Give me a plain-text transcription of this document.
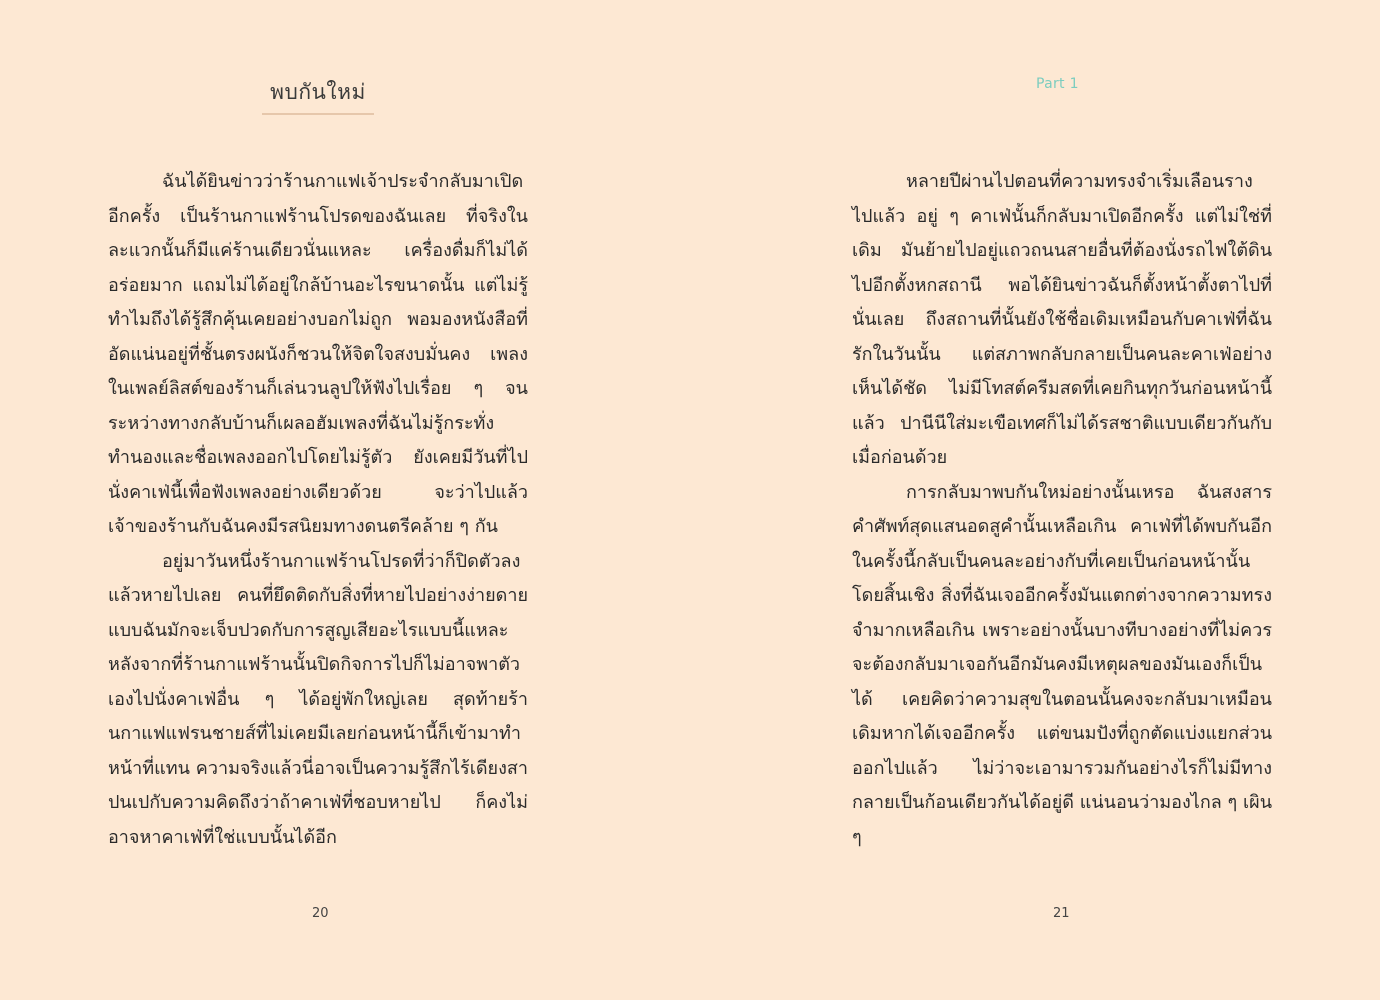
พบกันใหม่

ฉันได้ยินข่าวว่าร้านกาแฟเจ้าประจำกลับมาเปิดอีกครั้ง เป็นร้านกาแฟร้านโปรดของฉันเลย ที่จริงในละแวกนั้นก็มีแค่ร้านเดียวนั่นแหละ เครื่องดื่มก็ไม่ได้อร่อยมาก แถมไม่ได้อยู่ใกล้บ้านอะไรขนาดนั้น แต่ไม่รู้ทำไมถึงได้รู้สึกคุ้นเคยอย่างบอกไม่ถูก พอมองหนังสือที่อัดแน่นอยู่ที่ชั้นตรงผนังก็ชวนให้จิตใจสงบมั่นคง เพลงในเพลย์ลิสต์ของร้านก็เล่นวนลูปให้ฟังไปเรื่อย ๆ จนระหว่างทางกลับบ้านก็เผลอฮัมเพลงที่ฉันไม่รู้กระทั่งทำนองและชื่อเพลงออกไปโดยไม่รู้ตัว ยังเคยมีวันที่ไปนั่งคาเฟ่นี้เพื่อฟังเพลงอย่างเดียวด้วย จะว่าไปแล้วเจ้าของร้านกับฉันคงมีรสนิยมทางดนตรีคล้าย ๆ กัน

อยู่มาวันหนึ่งร้านกาแฟร้านโปรดที่ว่าก็ปิดตัวลงแล้วหายไปเลย คนที่ยึดติดกับสิ่งที่หายไปอย่างง่ายดายแบบฉันมักจะเจ็บปวดกับการสูญเสียอะไรแบบนี้แหละ หลังจากที่ร้านกาแฟร้านนั้นปิดกิจการไปก็ไม่อาจพาตัวเองไปนั่งคาเฟ่อื่น ๆ ได้อยู่พักใหญ่เลย สุดท้ายร้านกาแฟแฟรนชายส์ที่ไม่เคยมีเลยก่อนหน้านี้ก็เข้ามาทำหน้าที่แทน ความจริงแล้วนี่อาจเป็นความรู้สึกไร้เดียงสาปนเปกับความคิดถึงว่าถ้าคาเฟ่ที่ชอบหายไป ก็คงไม่อาจหาคาเฟ่ที่ใช่แบบนั้นได้อีก

20
Part 1

หลายปีผ่านไปตอนที่ความทรงจำเริ่มเลือนรางไปแล้ว อยู่ ๆ คาเฟ่นั้นก็กลับมาเปิดอีกครั้ง แต่ไม่ใช่ที่เดิม มันย้ายไปอยู่แถวถนนสายอื่นที่ต้องนั่งรถไฟใต้ดินไปอีกตั้งหกสถานี พอได้ยินข่าวฉันก็ตั้งหน้าตั้งตาไปที่นั่นเลย ถึงสถานที่นั้นยังใช้ชื่อเดิมเหมือนกับคาเฟ่ที่ฉันรักในวันนั้น แต่สภาพกลับกลายเป็นคนละคาเฟ่อย่างเห็นได้ชัด ไม่มีโทสต์ครีมสดที่เคยกินทุกวันก่อนหน้านี้แล้ว ปานีนีใส่มะเขือเทศก็ไม่ได้รสชาติแบบเดียวกันกับเมื่อก่อนด้วย

การกลับมาพบกันใหม่อย่างนั้นเหรอ ฉันสงสารคำศัพท์สุดแสนอดสูคำนั้นเหลือเกิน คาเฟ่ที่ได้พบกันอีกในครั้งนี้กลับเป็นคนละอย่างกับที่เคยเป็นก่อนหน้านั้นโดยสิ้นเชิง สิ่งที่ฉันเจออีกครั้งมันแตกต่างจากความทรงจำมากเหลือเกิน เพราะอย่างนั้นบางทีบางอย่างที่ไม่ควรจะต้องกลับมาเจอกันอีกมันคงมีเหตุผลของมันเองก็เป็นได้ เคยคิดว่าความสุขในตอนนั้นคงจะกลับมาเหมือนเดิมหากได้เจออีกครั้ง แต่ขนมปังที่ถูกตัดแบ่งแยกส่วนออกไปแล้ว ไม่ว่าจะเอามารวมกันอย่างไรก็ไม่มีทางกลายเป็นก้อนเดียวกันได้อยู่ดี แน่นอนว่ามองไกล ๆ เผิน ๆ

21
